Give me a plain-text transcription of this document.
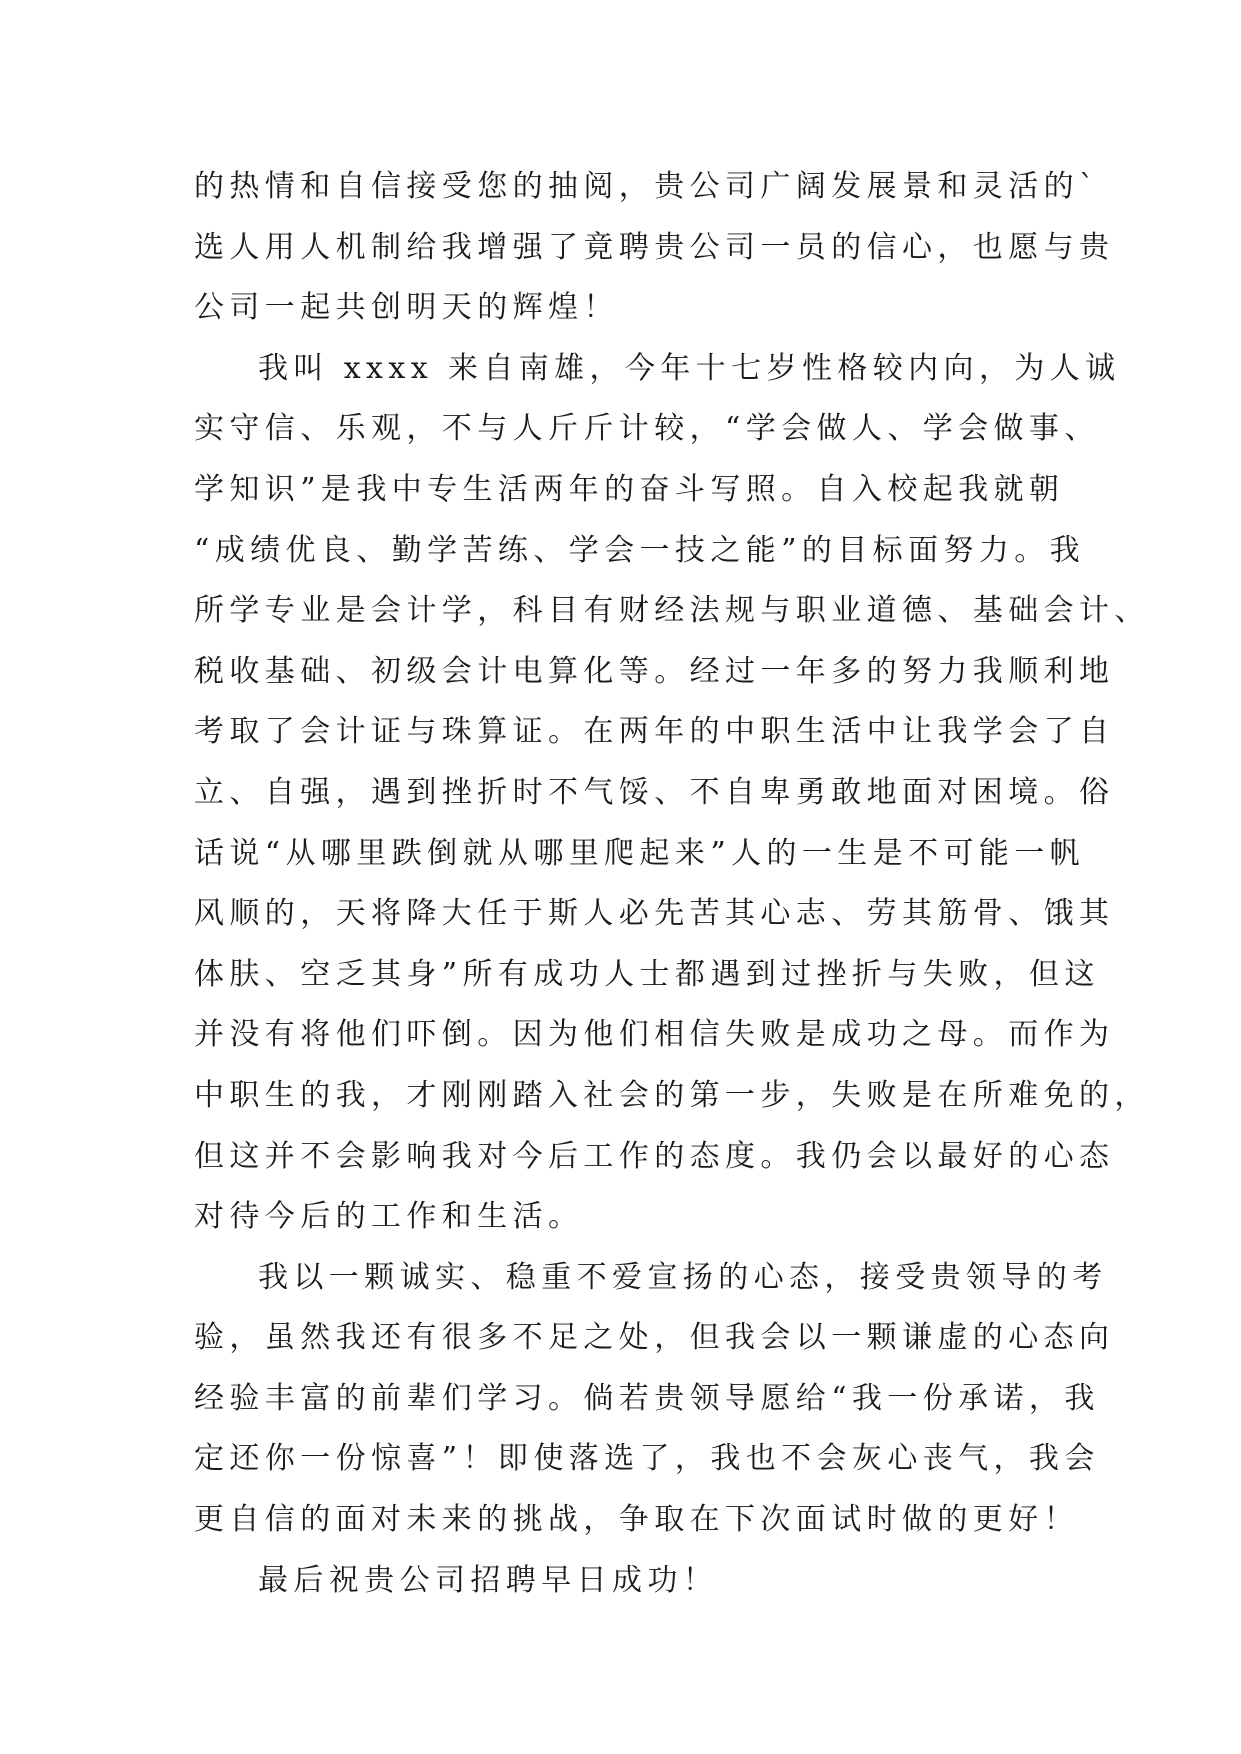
的热情和自信接受您的抽阅，贵公司广阔发展景和灵活的`
选人用人机制给我增强了竟聘贵公司一员的信心，也愿与贵
公司一起共创明天的辉煌！

我叫 xxxx 来自南雄，今年十七岁性格较内向，为人诚
实守信、乐观，不与人斤斤计较，“学会做人、学会做事、
学知识”是我中专生活两年的奋斗写照。自入校起我就朝
“成绩优良、勤学苦练、学会一技之能”的目标面努力。我
所学专业是会计学，科目有财经法规与职业道德、基础会计、
税收基础、初级会计电算化等。经过一年多的努力我顺利地
考取了会计证与珠算证。在两年的中职生活中让我学会了自
立、自强，遇到挫折时不气馁、不自卑勇敢地面对困境。俗
话说“从哪里跌倒就从哪里爬起来”人的一生是不可能一帆
风顺的，天将降大任于斯人必先苦其心志、劳其筋骨、饿其
体肤、空乏其身”所有成功人士都遇到过挫折与失败，但这
并没有将他们吓倒。因为他们相信失败是成功之母。而作为
中职生的我，才刚刚踏入社会的第一步，失败是在所难免的，
但这并不会影响我对今后工作的态度。我仍会以最好的心态
对待今后的工作和生活。

我以一颗诚实、稳重不爱宣扬的心态，接受贵领导的考
验，虽然我还有很多不足之处，但我会以一颗谦虚的心态向
经验丰富的前辈们学习。倘若贵领导愿给“我一份承诺，我
定还你一份惊喜”！即使落选了，我也不会灰心丧气，我会
更自信的面对未来的挑战，争取在下次面试时做的更好！

最后祝贵公司招聘早日成功！
